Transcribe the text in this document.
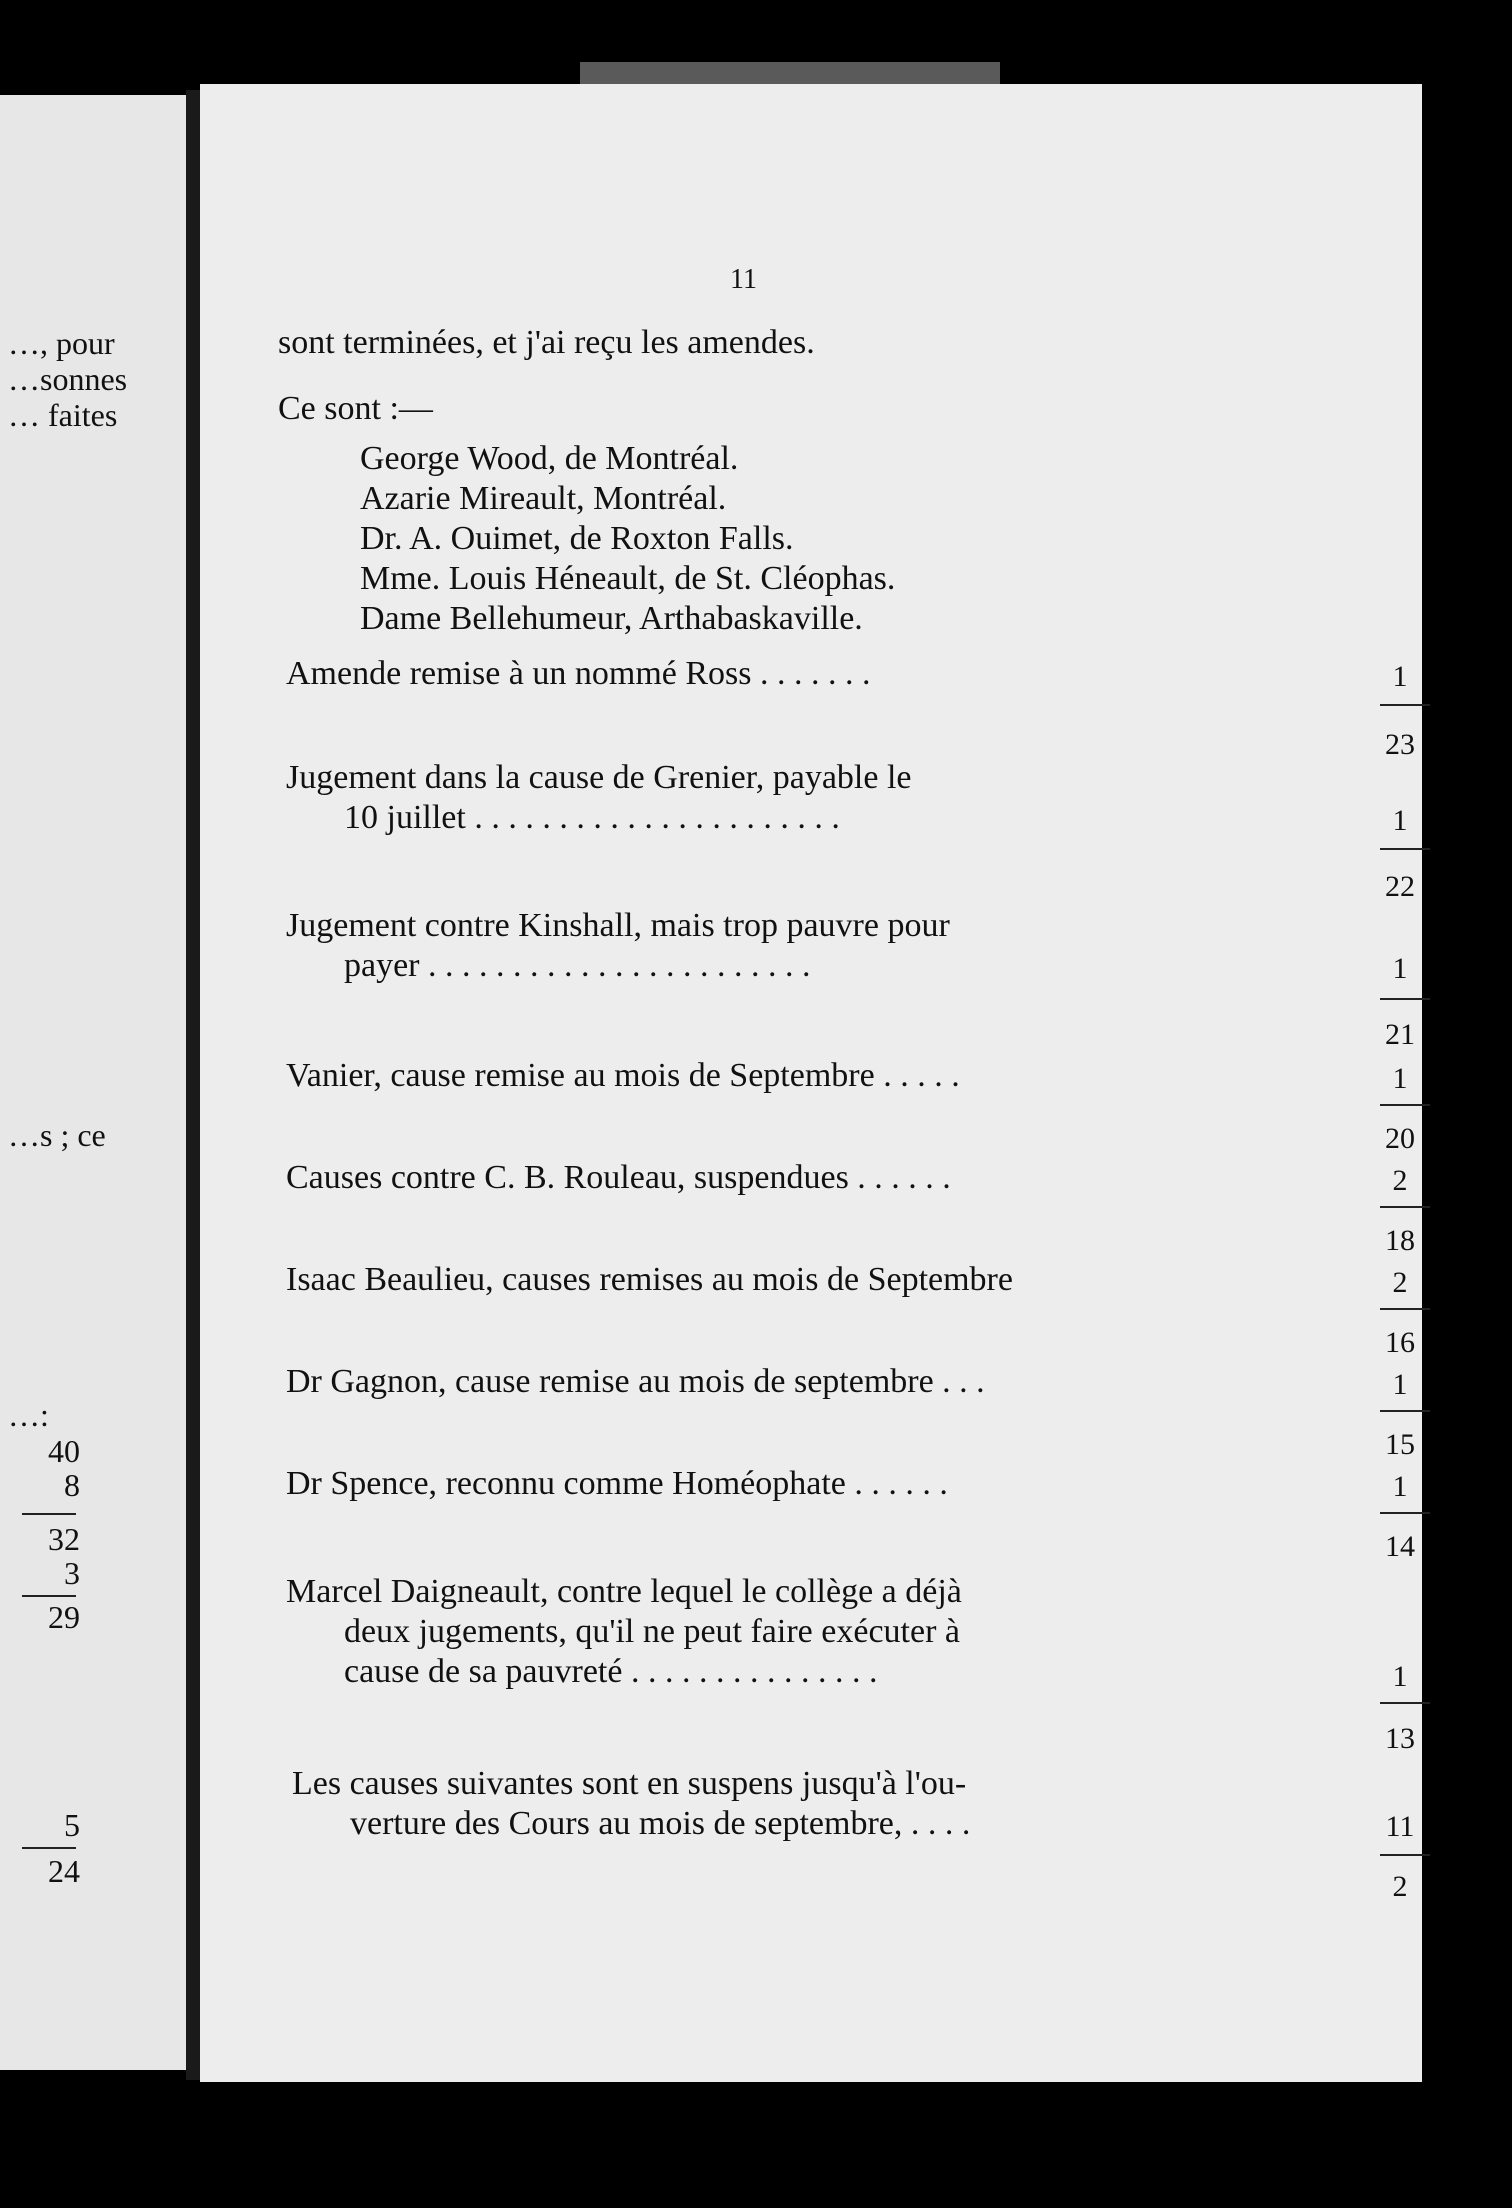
…, pour
…sonnes
… faites
…s ; ce
…:
40
8
32
3
29
5
24
11
sont terminées, et j'ai reçu les amendes.
Ce sont :—
George Wood, de Montréal.
Azarie Mireault, Montréal.
Dr. A. Ouimet, de Roxton Falls.
Mme. Louis Héneault, de St. Cléophas.
Dame Bellehumeur, Arthabaskaville.
Amende remise à un nommé Ross . . . . . . .	1
23
Jugement dans la cause de Grenier, payable le
10 juillet . . . . . . . . . . . . . . . . . . . . . .	1
22
Jugement contre Kinshall, mais trop pauvre pour
payer . . . . . . . . . . . . . . . . . . . . . . .	1
21
Vanier, cause remise au mois de Septembre . . . . .	1
20
Causes contre C. B. Rouleau, suspendues . . . . . .	2
18
Isaac Beaulieu, causes remises au mois de Septembre	2
16
Dr Gagnon, cause remise au mois de septembre . . .	1
15
Dr Spence, reconnu comme Homéophate . . . . . .	1
14
Marcel Daigneault, contre lequel le collège a déjà
deux jugements, qu'il ne peut faire exécuter à
cause de sa pauvreté . . . . . . . . . . . . . . .	1
13
Les causes suivantes sont en suspens jusqu'à l'ou-
verture des Cours au mois de septembre, . . . .	11
2
